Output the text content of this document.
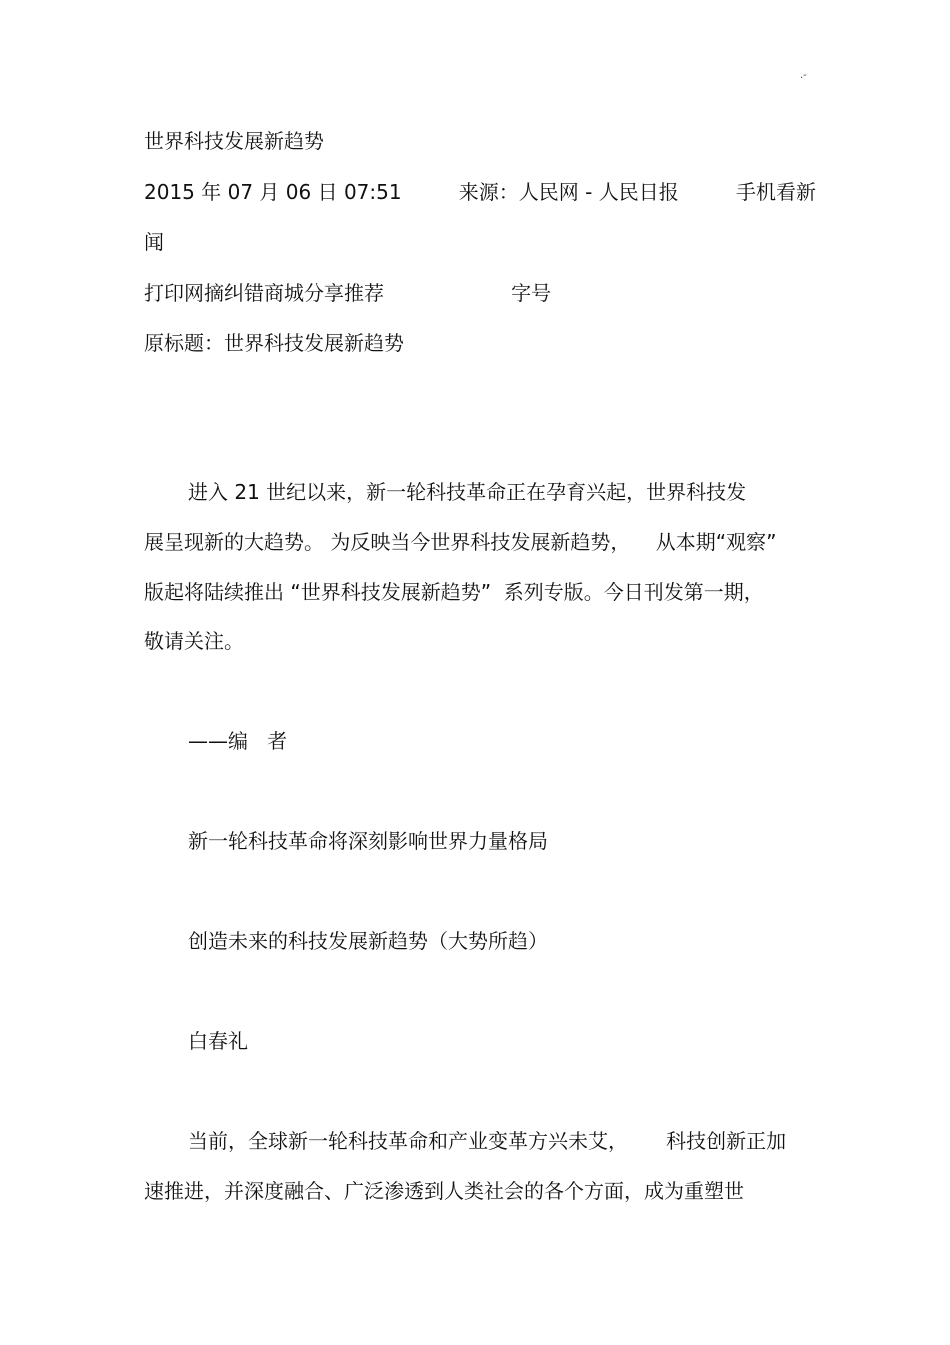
.-

世界科技发展新趋势

2015 年 07 月 06 日 07:51         来源：人民网 - 人民日报         手机看新

闻

打印网摘纠错商城分享推荐                    字号

原标题：世界科技发展新趋势

进入 21 世纪以来，新一轮科技革命正在孕育兴起，世界科技发

展呈现新的大趋势。 为反映当今世界科技发展新趋势，    从本期“观察”

版起将陆续推出 “世界科技发展新趋势”  系列专版。今日刊发第一期，

敬请关注。

——编   者

新一轮科技革命将深刻影响世界力量格局

创造未来的科技发展新趋势（大势所趋）

白春礼

当前，全球新一轮科技革命和产业变革方兴未艾，      科技创新正加

速推进，并深度融合、广泛渗透到人类社会的各个方面，成为重塑世
